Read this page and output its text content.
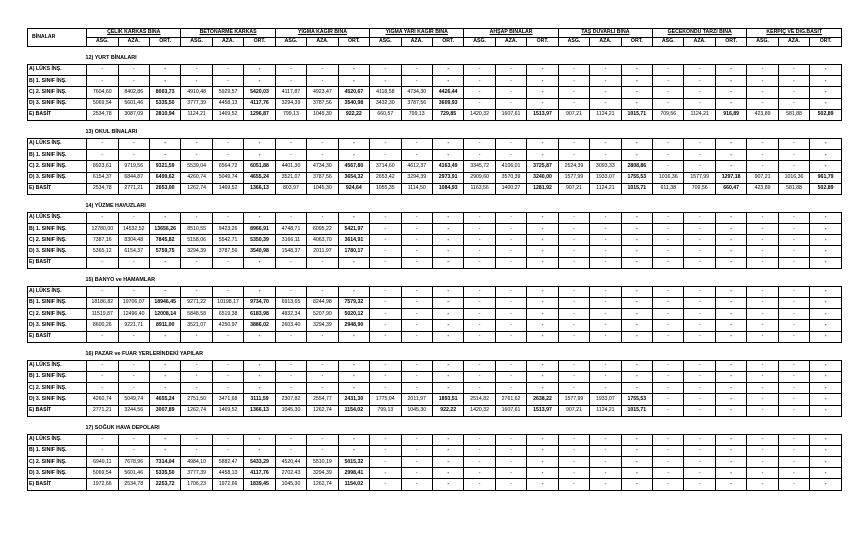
BİNALAR	ÇELİK KARKAS BİNA			BETONARME KARKAS			YIĞMA KAGİR BİNA			YIĞMA YARI KAGİR BİNA			AHŞAP BİNALAR			TAŞ DUVARLI BİNA			GECEKONDU TARZI BİNA			KERPİÇ VE DİĞ.BASİT		
	ASG.	AZA.	ORT.	ASG.	AZA.	ORT.	ASG.	AZA.	ORT.	ASG.	AZA.	ORT.	ASG.	AZA.	ORT.	ASG.	AZA.	ORT.	ASG.	AZA.	ORT.	ASG.	AZA.	ORT.

12) YURT BİNALARI																								
A) LÜKS İNŞ.	-	-	-	-	-	-	-	-	-	-	-	-	-	-	-	-	-	-	-	-	-	-	-	-
B) 1. SINIF İNŞ.	-	-	-	-	-	-	-	-	-	-	-	-	-	-	-	-	-	-	-	-	-	-	-	-
C) 2. SINIF İNŞ.	7604,60	8402,86	8003,73	4910,48	5929,57	5420,03	4117,87	4923,47	4520,67	4118,58	4734,30	4426,44	-	-	-	-	-	-	-	-	-	-	-	-
D) 3. SINIF İNŞ.	5069,54	5601,46	5335,50	3777,39	4458,13	4117,76	3294,39	3787,56	3540,98	3432,30	3787,56	3609,93	-	-	-	-	-	-	-	-	-	-	-	-
E) BASİT	2534,78	3087,09	2810,94	1124,21	1469,52	1296,87	799,13	1045,30	922,22	660,57	799,13	729,85	1420,32	1607,61	1513,97	907,21	1124,21	1015,71	709,56	1124,21	916,89	423,89	581,88	502,89

13) OKUL BİNALARI																								
A) LÜKS İNŞ.	-	-	-	-	-	-	-	-	-	-	-	-	-	-	-	-	-	-	-	-	-	-	-	-
B) 1. SINIF İNŞ.	-	-	-	-	-	-	-	-	-	-	-	-	-	-	-	-	-	-	-	-	-	-	-	-
C) 2. SINIF İNŞ.	8923,61	9719,56	9321,59	5539,04	6564,72	6051,88	4401,30	4734,30	4567,80	3714,60	4612,37	4163,49	3345,72	4106,01	3725,87	2524,39	3093,33	2808,86	-	-	-	-	-	-
D) 3. SINIF İNŞ.	6154,37	6844,87	6499,62	4260,74	5049,74	4655,24	3521,07	3787,56	3654,32	2653,42	3294,39	2973,91	2909,60	3570,39	3240,00	1577,99	1933,07	1755,53	1016,36	1577,99	1297,18	907,21	1016,36	961,79
E) BASİT	2534,78	2771,21	2653,00	1262,74	1469,52	1366,13	803,97	1045,30	924,64	1055,35	1114,50	1084,93	1163,56	1400,27	1281,92	907,21	1124,21	1015,71	611,38	709,56	660,47	423,89	581,88	502,89

14) YÜZME HAVUZLARI																								
A) LÜKS İNŞ.	-	-	-	-	-	-	-	-	-	-	-	-	-	-	-	-	-	-	-	-	-	-	-	-
B) 1. SINIF İNŞ.	12780,00	14532,52	13656,26	8510,55	9423,26	8966,91	4748,71	6095,22	5421,97	-	-	-	-	-	-	-	-	-	-	-	-	-	-	-
C) 2. SINIF İNŞ.	7387,16	8304,48	7845,82	5158,06	5542,71	5350,39	3166,11	4063,70	3614,91	-	-	-	-	-	-	-	-	-	-	-	-	-	-	-
D) 3. SINIF İNŞ.	5365,12	6154,37	5759,75	3294,39	3787,56	3540,98	1548,37	2011,97	1780,17	-	-	-	-	-	-	-	-	-	-	-	-	-	-	-
E) BASİT	-	-	-	-	-	-	-	-	-	-	-	-	-	-	-	-	-	-	-	-	-	-	-	-

15) BANYO ve HAMAMLAR																								
A) LÜKS İNŞ.	-	-	-	-	-	-	-	-	-	-	-	-	-	-	-	-	-	-	-	-	-	-	-	-
B) 1. SINIF İNŞ.	18186,82	19706,07	18946,45	9271,22	10198,17	9734,70	6913,65	8244,98	7579,32	-	-	-	-	-	-	-	-	-	-	-	-	-	-	-
C) 2. SINIF İNŞ.	11519,87	12496,40	12008,14	5848,58	6519,38	6183,98	4832,34	5207,90	5020,12	-	-	-	-	-	-	-	-	-	-	-	-	-	-	-
D) 3. SINIF İNŞ.	8600,26	9221,71	8911,00	3521,07	4250,97	3886,02	2603,40	3294,39	2948,90	-	-	-	-	-	-	-	-	-	-	-	-	-	-	-
E) BASİT	-	-	-	-	-	-	-	-	-	-	-	-	-	-	-	-	-	-	-	-	-	-	-	-

16) PAZAR ve FUAR YERLERİNDEKİ YAPILAR																								
A) LÜKS İNŞ.	-	-	-	-	-	-	-	-	-	-	-	-	-	-	-	-	-	-	-	-	-	-	-	-
B) 1. SINIF İNŞ.	-	-	-	-	-	-	-	-	-	-	-	-	-	-	-	-	-	-	-	-	-	-	-	-
C) 2. SINIF İNŞ.	-	-	-	-	-	-	-	-	-	-	-	-	-	-	-	-	-	-	-	-	-	-	-	-
D) 3. SINIF İNŞ.	4260,74	5049,74	4655,24	2751,50	3471,68	3111,59	2307,82	2554,77	2431,30	1775,04	2011,97	1893,51	2514,82	2761,62	2638,22	1577,99	1933,07	1755,53	-	-	-	-	-	-
E) BASİT	2771,21	3244,56	3007,89	1262,74	1469,52	1366,13	1045,30	1262,74	1154,02	799,13	1045,30	922,22	1420,32	1607,61	1513,97	907,21	1124,21	1015,71	-	-	-	-	-	-

17) SOĞUK HAVA DEPOLARI																								
A) LÜKS İNŞ.	-	-	-	-	-	-	-	-	-	-	-	-	-	-	-	-	-	-	-	-	-	-	-	-
B) 1. SINIF İNŞ.	-	-	-	-	-	-	-	-	-	-	-	-	-	-	-	-	-	-	-	-	-	-	-	-
C) 2. SINIF İNŞ.	6949,11	7678,96	7314,04	4984,10	5882,47	5433,29	4520,44	5510,19	5015,32	-	-	-	-	-	-	-	-	-	-	-	-	-	-	-
D) 3. SINIF İNŞ.	5069,54	5601,46	5335,50	3777,39	4458,13	4117,76	2702,43	3294,39	2998,41	-	-	-	-	-	-	-	-	-	-	-	-	-	-	-
E) BASİT	1972,66	2534,78	2253,72	1706,23	1972,66	1839,45	1045,30	1262,74	1154,02	-	-	-	-	-	-	-	-	-	-	-	-	-	-	-
